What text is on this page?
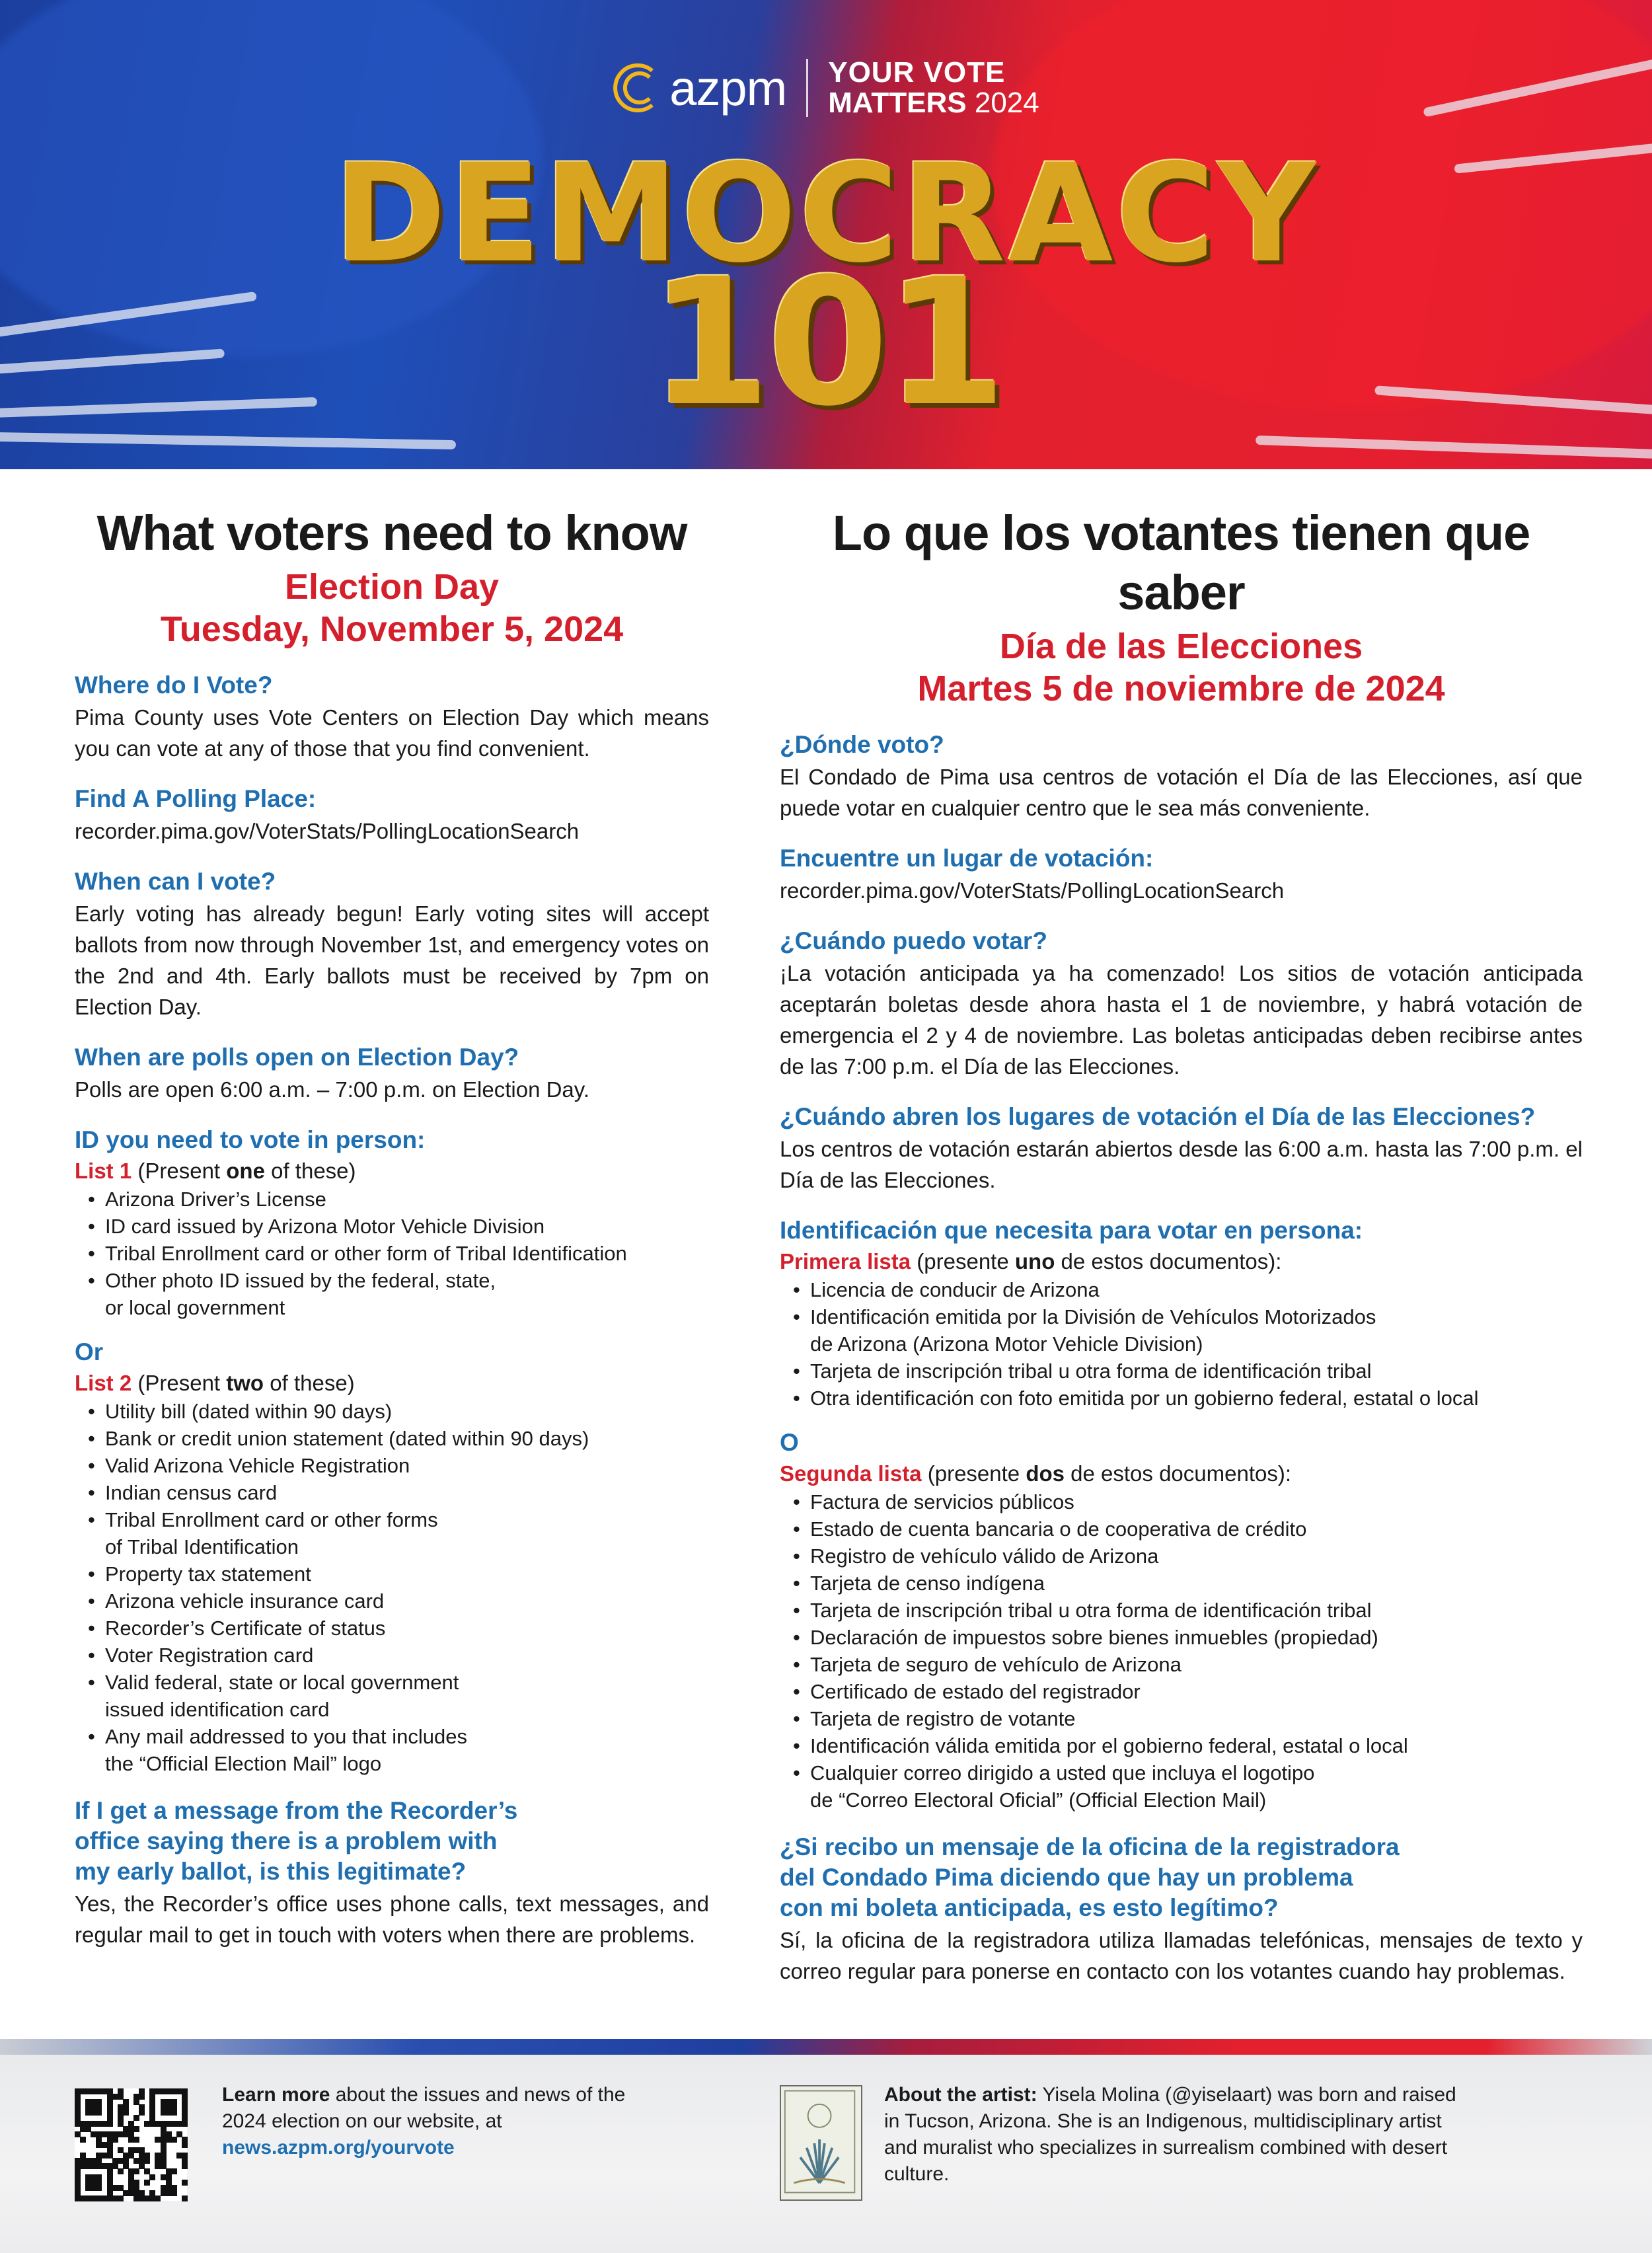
azpm YOUR VOTE
MATTERS 2024
DEMOCRACY
101
What voters need to know
Election Day
Tuesday, November 5, 2024
Where do I Vote?

Pima County uses Vote Centers on Election Day which means you can vote at any of those that you find convenient.

Find A Polling Place:

recorder.pima.gov/VoterStats/PollingLocationSearch

When can I vote?

Early voting has already begun! Early voting sites will accept ballots from now through November 1st, and emergency votes on the 2nd and 4th. Early ballots must be received by 7pm on Election Day.

When are polls open on Election Day?

Polls are open 6:00 a.m. – 7:00 p.m. on Election Day.

ID you need to vote in person:
List 1 (Present one of these)
• Arizona Driver’s License
• ID card issued by Arizona Motor Vehicle Division
• Tribal Enrollment card or other form of Tribal Identification
• Other photo ID issued by the federal, state,
or local government
Or
List 2 (Present two of these)
• Utility bill (dated within 90 days)
• Bank or credit union statement (dated within 90 days)
• Valid Arizona Vehicle Registration
• Indian census card
• Tribal Enrollment card or other forms
of Tribal Identification
• Property tax statement
• Arizona vehicle insurance card
• Recorder’s Certificate of status
• Voter Registration card
• Valid federal, state or local government
issued identification card
• Any mail addressed to you that includes
the “Official Election Mail” logo
If I get a message from the Recorder’s
office saying there is a problem with
my early ballot, is this legitimate?

Yes, the Recorder’s office uses phone calls, text messages, and regular mail to get in touch with voters when there are problems.

Lo que los votantes tienen que saber
Día de las Elecciones
Martes 5 de noviembre de 2024
¿Dónde voto?

El Condado de Pima usa centros de votación el Día de las Elecciones, así que puede votar en cualquier centro que le sea más conveniente.

Encuentre un lugar de votación:

recorder.pima.gov/VoterStats/PollingLocationSearch

¿Cuándo puedo votar?

¡La votación anticipada ya ha comenzado! Los sitios de votación anticipada aceptarán boletas desde ahora hasta el 1 de noviembre, y habrá votación de emergencia el 2 y 4 de noviembre. Las boletas anticipadas deben recibirse antes de las 7:00 p.m. el Día de las Elecciones.

¿Cuándo abren los lugares de votación el Día de las Elecciones?

Los centros de votación estarán abiertos desde las 6:00 a.m. hasta las 7:00 p.m. el Día de las Elecciones.

Identificación que necesita para votar en persona:
Primera lista (presente uno de estos documentos):
• Licencia de conducir de Arizona
• Identificación emitida por la División de Vehículos Motorizados
de Arizona (Arizona Motor Vehicle Division)
• Tarjeta de inscripción tribal u otra forma de identificación tribal
• Otra identificación con foto emitida por un gobierno federal, estatal o local
O
Segunda lista (presente dos de estos documentos):
• Factura de servicios públicos
• Estado de cuenta bancaria o de cooperativa de crédito
• Registro de vehículo válido de Arizona
• Tarjeta de censo indígena
• Tarjeta de inscripción tribal u otra forma de identificación tribal
• Declaración de impuestos sobre bienes inmuebles (propiedad)
• Tarjeta de seguro de vehículo de Arizona
• Certificado de estado del registrador
• Tarjeta de registro de votante
• Identificación válida emitida por el gobierno federal, estatal o local
• Cualquier correo dirigido a usted que incluya el logotipo
de “Correo Electoral Oficial” (Official Election Mail)
¿Si recibo un mensaje de la oficina de la registradora
del Condado Pima diciendo que hay un problema
con mi boleta anticipada, es esto legítimo?

Sí, la oficina de la registradora utiliza llamadas telefónicas, mensajes de texto y correo regular para ponerse en contacto con los votantes cuando hay problemas.

Learn more about the issues and news of the 2024 election on our website, at news.azpm.org/yourvote
About the artist: Yisela Molina (@yiselaart) was born and raised in Tucson, Arizona. She is an Indigenous, multidisciplinary artist and muralist who specializes in surrealism combined with desert culture.
